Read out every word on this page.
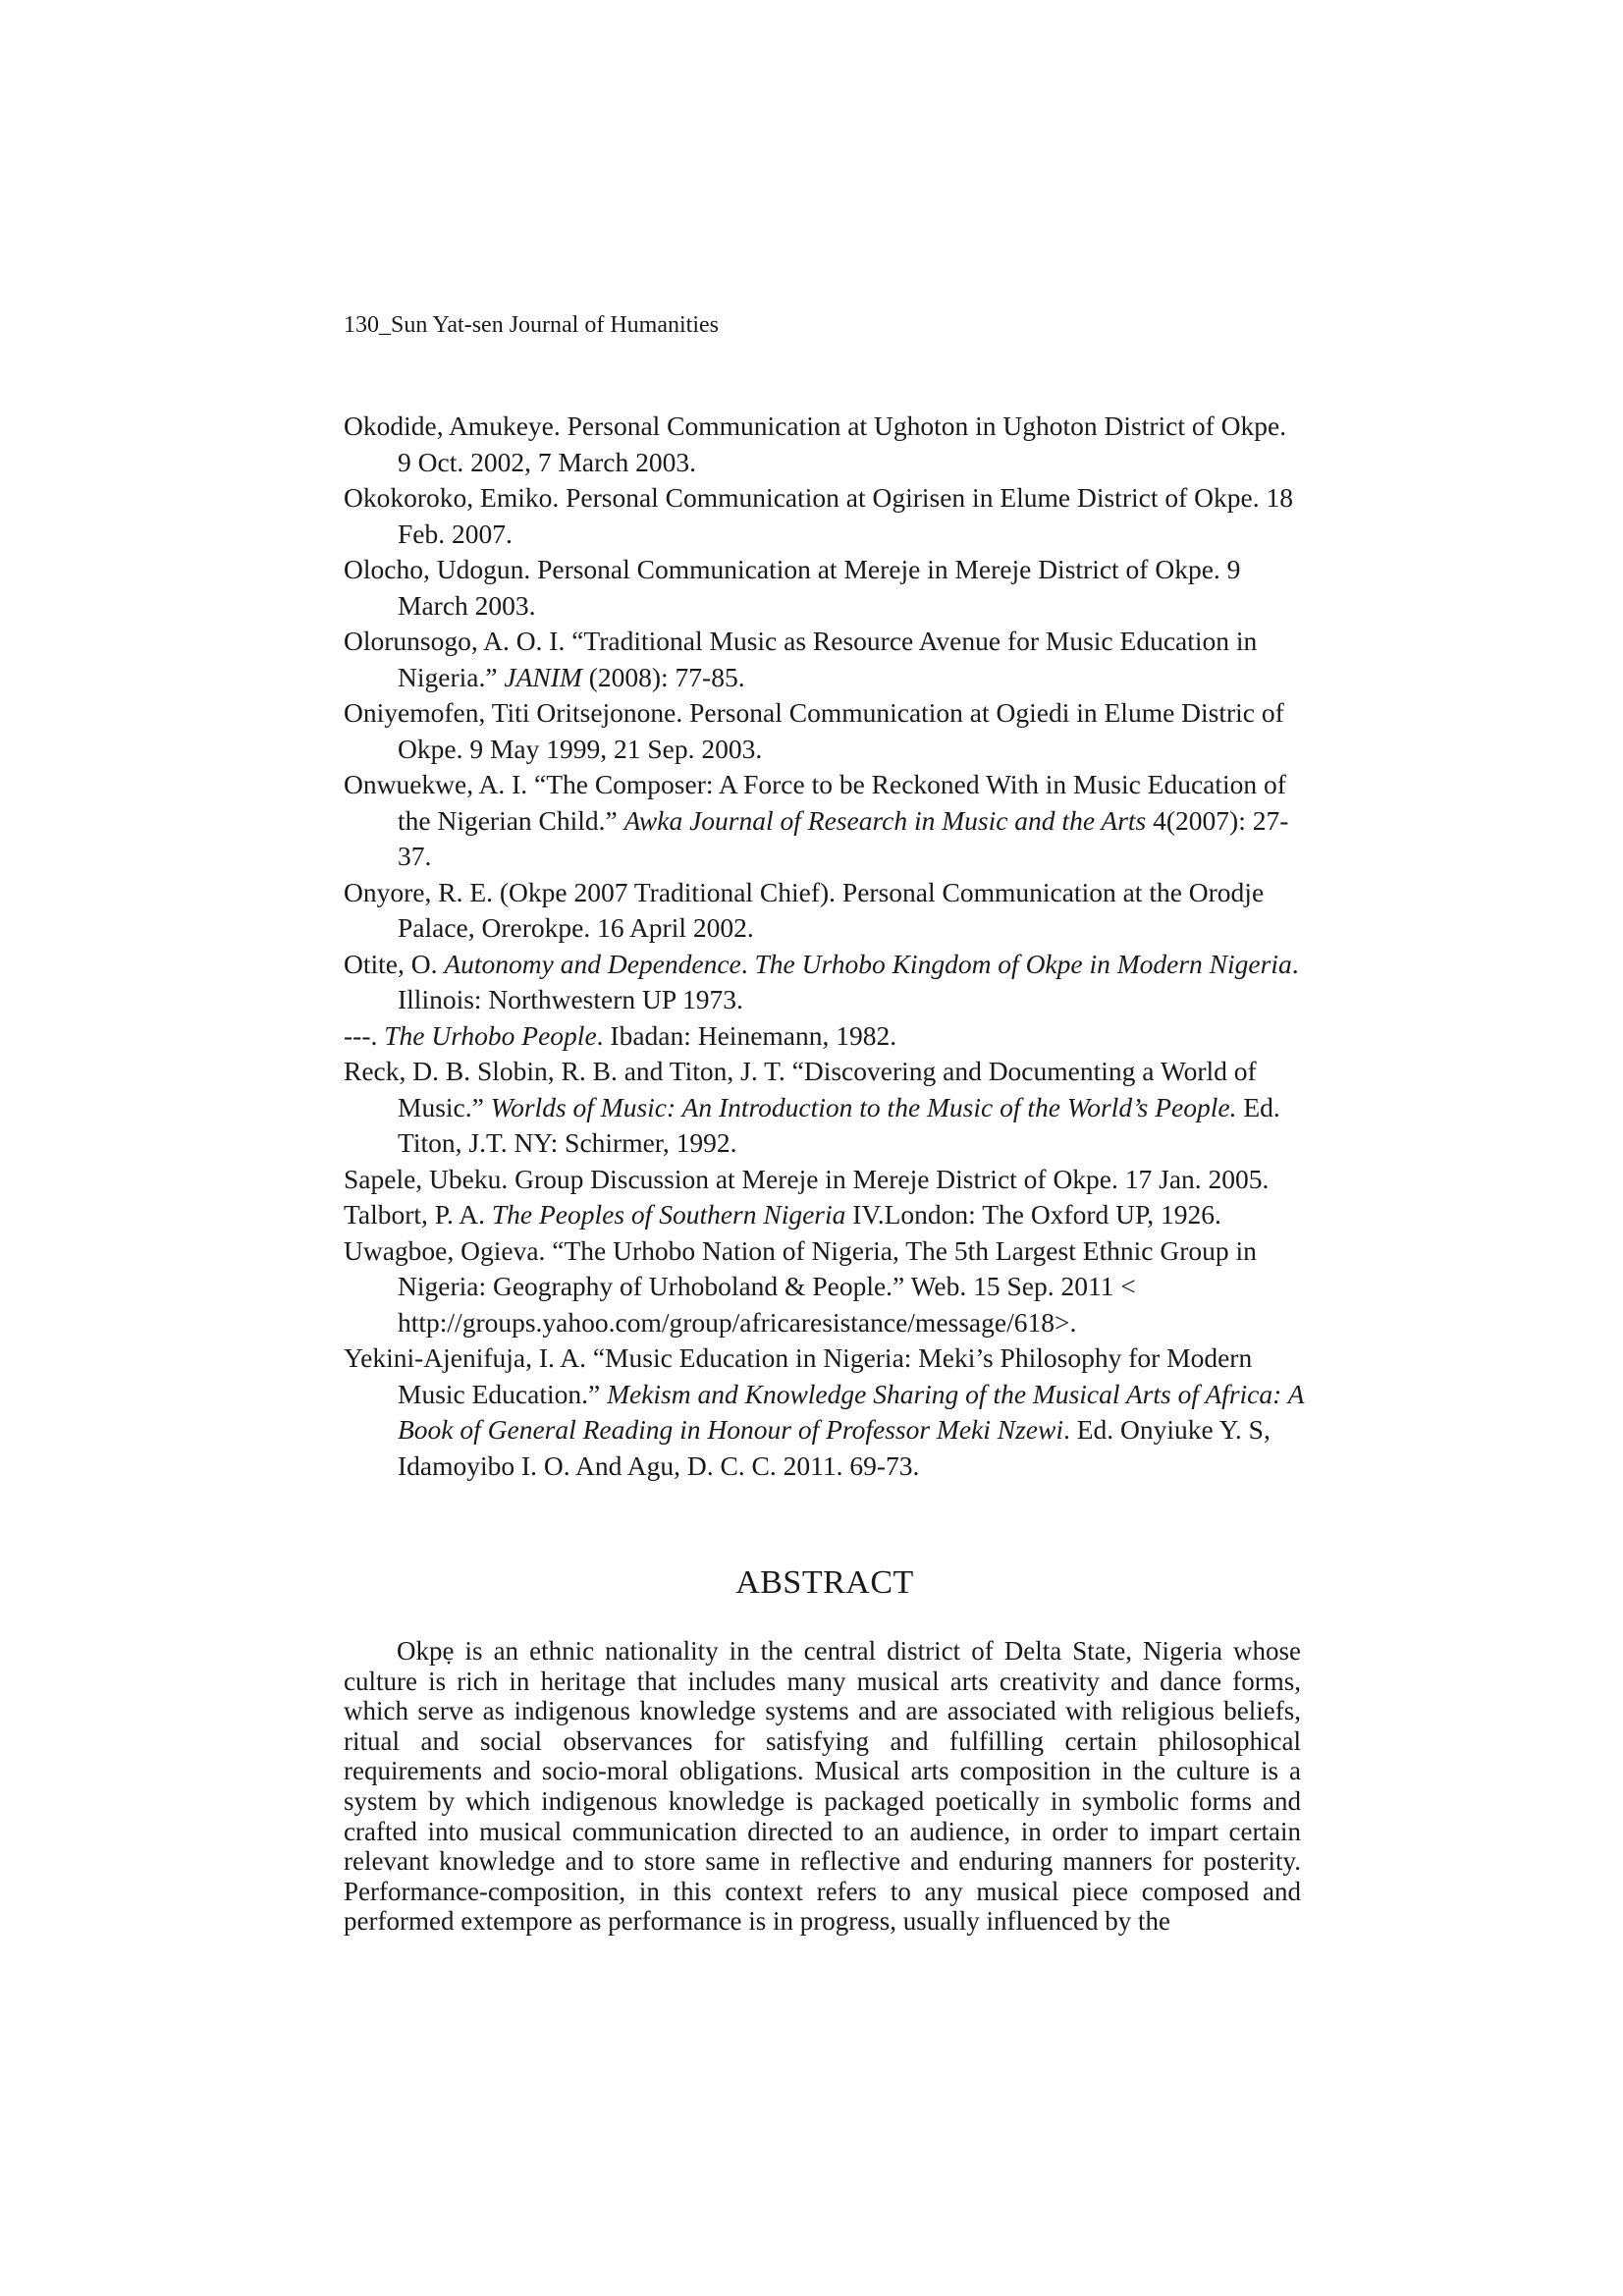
130_Sun Yat-sen Journal of Humanities

Okodide, Amukeye. Personal Communication at Ughoton in Ughoton District of Okpe. 9 Oct. 2002, 7 March 2003.

Okokoroko, Emiko. Personal Communication at Ogirisen in Elume District of Okpe. 18 Feb. 2007.

Olocho, Udogun. Personal Communication at Mereje in Mereje District of Okpe. 9 March 2003.

Olorunsogo, A. O. I. “Traditional Music as Resource Avenue for Music Education in Nigeria.” JANIM (2008): 77-85.

Oniyemofen, Titi Oritsejonone. Personal Communication at Ogiedi in Elume Distric of Okpe. 9 May 1999, 21 Sep. 2003.

Onwuekwe, A. I. “The Composer: A Force to be Reckoned With in Music Education of the Nigerian Child.” Awka Journal of Research in Music and the Arts 4(2007): 27-37.

Onyore, R. E. (Okpe 2007 Traditional Chief). Personal Communication at the Orodje Palace, Orerokpe. 16 April 2002.

Otite, O. Autonomy and Dependence. The Urhobo Kingdom of Okpe in Modern Nigeria. Illinois: Northwestern UP 1973.

---. The Urhobo People. Ibadan: Heinemann, 1982.

Reck, D. B. Slobin, R. B. and Titon, J. T. “Discovering and Documenting a World of Music.” Worlds of Music: An Introduction to the Music of the World’s People. Ed. Titon, J.T. NY: Schirmer, 1992.

Sapele, Ubeku. Group Discussion at Mereje in Mereje District of Okpe. 17 Jan. 2005.

Talbort, P. A. The Peoples of Southern Nigeria IV.London: The Oxford UP, 1926.

Uwagboe, Ogieva. “The Urhobo Nation of Nigeria, The 5th Largest Ethnic Group in Nigeria: Geography of Urhoboland & People.” Web. 15 Sep. 2011 < http://groups.yahoo.com/group/africaresistance/message/618>.

Yekini-Ajenifuja, I. A. “Music Education in Nigeria: Meki’s Philosophy for Modern Music Education.” Mekism and Knowledge Sharing of the Musical Arts of Africa: A Book of General Reading in Honour of Professor Meki Nzewi. Ed. Onyiuke Y. S, Idamoyibo I. O. And Agu, D. C. C. 2011. 69-73.

ABSTRACT

Okpẹ is an ethnic nationality in the central district of Delta State, Nigeria whose culture is rich in heritage that includes many musical arts creativity and dance forms, which serve as indigenous knowledge systems and are associated with religious beliefs, ritual and social observances for satisfying and fulfilling certain philosophical requirements and socio-moral obligations. Musical arts composition in the culture is a system by which indigenous knowledge is packaged poetically in symbolic forms and crafted into musical communication directed to an audience, in order to impart certain relevant knowledge and to store same in reflective and enduring manners for posterity. Performance-composition, in this context refers to any musical piece composed and performed extempore as performance is in progress, usually influenced by the
